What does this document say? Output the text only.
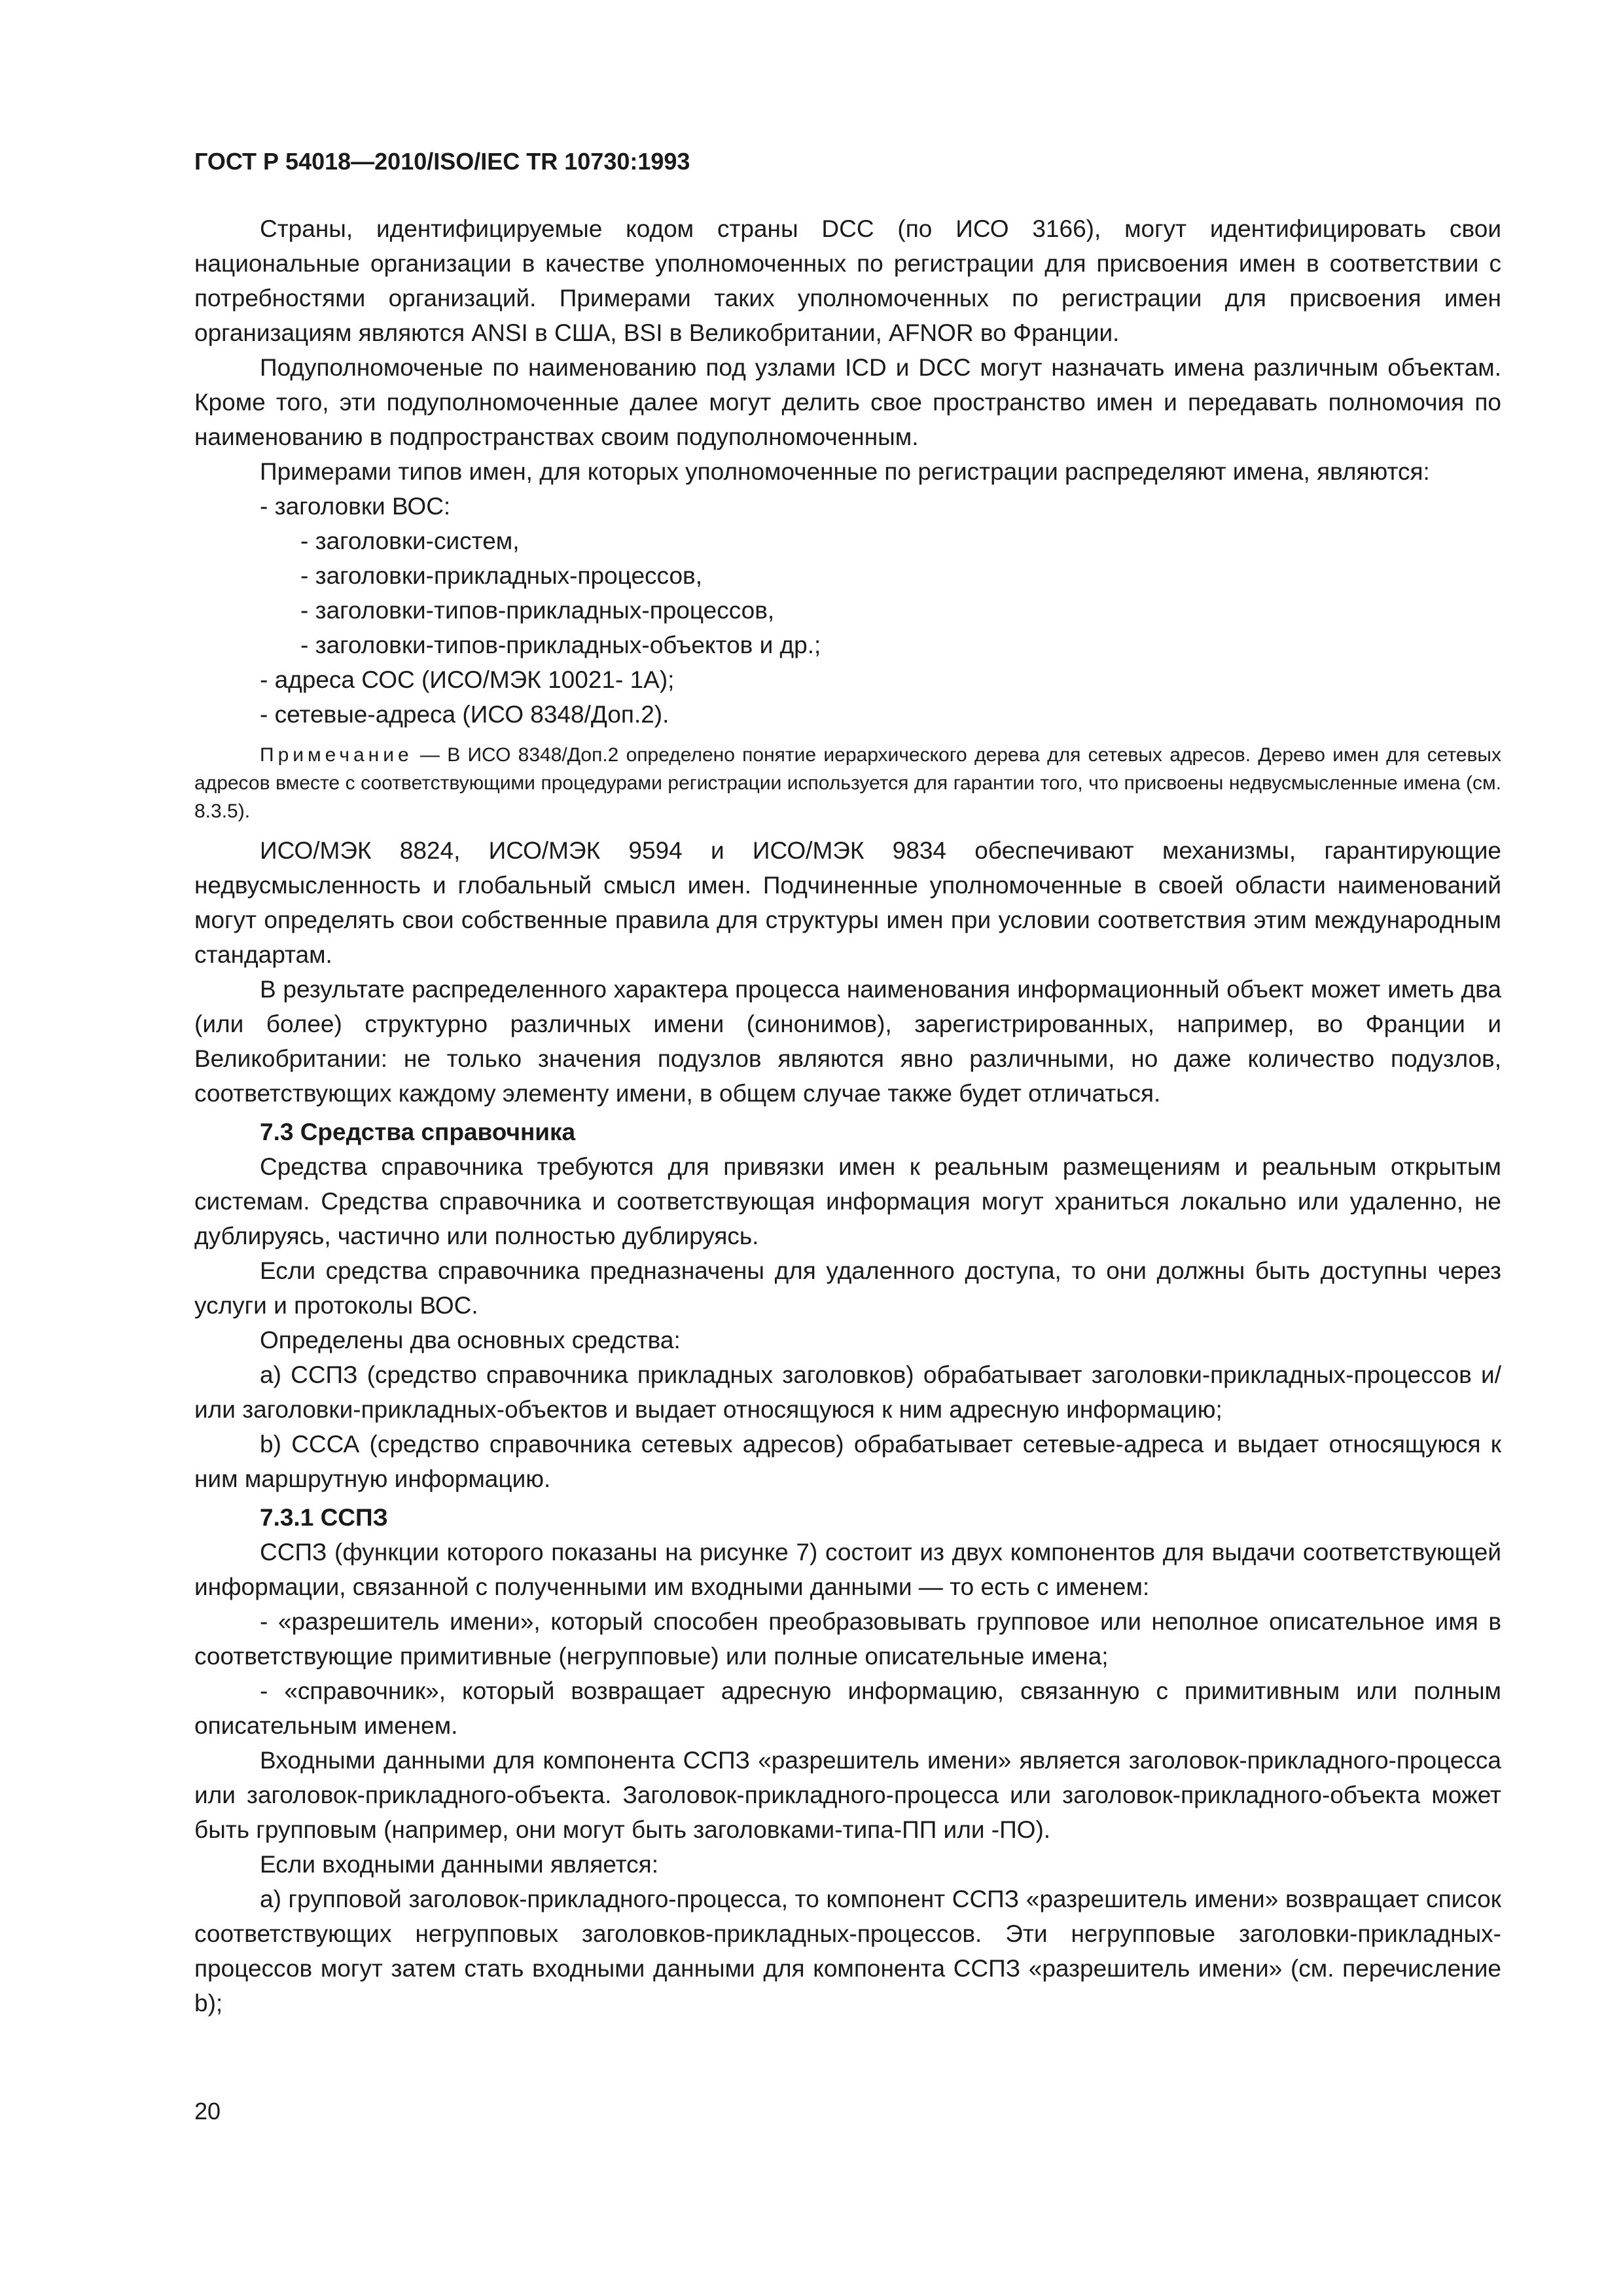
ГОСТ Р 54018—2010/ISO/IEC TR 10730:1993

Страны, идентифицируемые кодом страны DCC (по ИСО 3166), могут идентифицировать свои национальные организации в качестве уполномоченных по регистрации для присвоения имен в соответствии с потребностями организаций. Примерами таких уполномоченных по регистрации для присвоения имен организациям являются ANSI в США, BSI в Великобритании, AFNOR во Франции.

Подуполномоченые по наименованию под узлами ICD и DCC могут назначать имена различным объектам. Кроме того, эти подуполномоченные далее могут делить свое пространство имен и передавать полномочия по наименованию в подпространствах своим подуполномоченным.

Примерами типов имен, для которых уполномоченные по регистрации распределяют имена, являются:

- заголовки ВОС:

- заголовки-систем,

- заголовки-прикладных-процессов,

- заголовки-типов-прикладных-процессов,

- заголовки-типов-прикладных-объектов и др.;

- адреса СОС (ИСО/МЭК 10021- 1А);

- сетевые-адреса (ИСО 8348/Доп.2).

Примечание — В ИСО 8348/Доп.2 определено понятие иерархического дерева для сетевых адресов. Дерево имен для сетевых адресов вместе с соответствующими процедурами регистрации используется для гарантии того, что присвоены недвусмысленные имена (см. 8.3.5).

ИСО/МЭК 8824, ИСО/МЭК 9594 и ИСО/МЭК 9834 обеспечивают механизмы, гарантирующие недвусмысленность и глобальный смысл имен. Подчиненные уполномоченные в своей области наименований могут определять свои собственные правила для структуры имен при условии соответствия этим международным стандартам.

В результате распределенного характера процесса наименования информационный объект может иметь два (или более) структурно различных имени (синонимов), зарегистрированных, например, во Франции и Великобритании: не только значения подузлов являются явно различными, но даже количество подузлов, соответствующих каждому элементу имени, в общем случае также будет отличаться.

7.3 Средства справочника

Средства справочника требуются для привязки имен к реальным размещениям и реальным открытым системам. Средства справочника и соответствующая информация могут храниться локально или удаленно, не дублируясь, частично или полностью дублируясь.

Если средства справочника предназначены для удаленного доступа, то они должны быть доступны через услуги и протоколы ВОС.

Определены два основных средства:

a) ССПЗ (средство справочника прикладных заголовков) обрабатывает заголовки-прикладных-процессов и/или заголовки-прикладных-объектов и выдает относящуюся к ним адресную информацию;

b) СССА (средство справочника сетевых адресов) обрабатывает сетевые-адреса и выдает относящуюся к ним маршрутную информацию.

7.3.1 ССПЗ

ССПЗ (функции которого показаны на рисунке 7) состоит из двух компонентов для выдачи соответствующей информации, связанной с полученными им входными данными — то есть с именем:

- «разрешитель имени», который способен преобразовывать групповое или неполное описательное имя в соответствующие примитивные (негрупповые) или полные описательные имена;

- «справочник», который возвращает адресную информацию, связанную с примитивным или полным описательным именем.

Входными данными для компонента ССПЗ «разрешитель имени» является заголовок-прикладного-процесса или заголовок-прикладного-объекта. Заголовок-прикладного-процесса или заголовок-прикладного-объекта может быть групповым (например, они могут быть заголовками-типа-ПП или -ПО).

Если входными данными является:

a) групповой заголовок-прикладного-процесса, то компонент ССПЗ «разрешитель имени» возвращает список соответствующих негрупповых заголовков-прикладных-процессов. Эти негрупповые заголовки-прикладных-процессов могут затем стать входными данными для компонента ССПЗ «разрешитель имени» (см. перечисление b);

20
